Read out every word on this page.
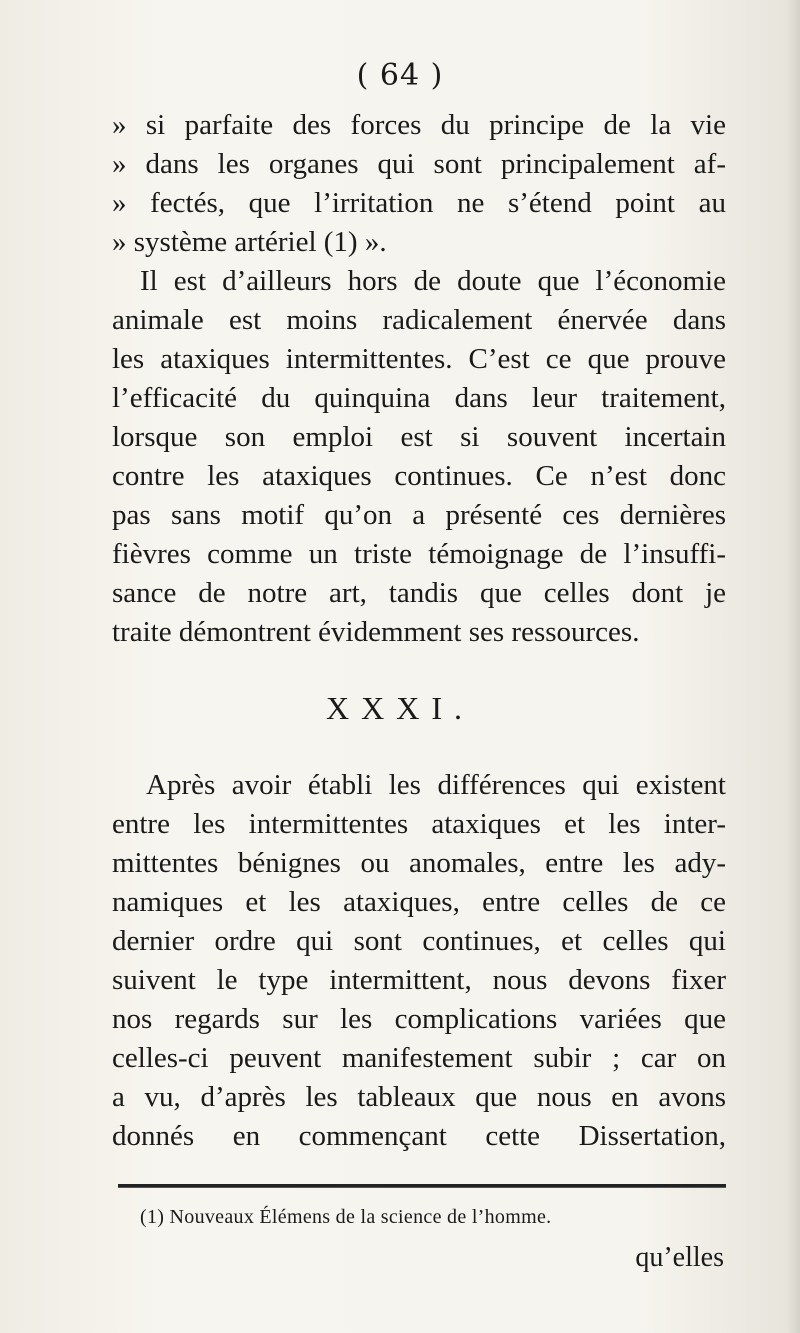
( 64 )
» si parfaite des forces du principe de la vie
» dans les organes qui sont principalement af-
» fectés, que l’irritation ne s’étend point au
» système artériel (1) ».
Il est d’ailleurs hors de doute que l’économie
animale est moins radicalement énervée dans
les ataxiques intermittentes. C’est ce que prouve
l’efficacité du quinquina dans leur traitement,
lorsque son emploi est si souvent incertain
contre les ataxiques continues. Ce n’est donc
pas sans motif qu’on a présenté ces dernières
fièvres comme un triste témoignage de l’insuffi-
sance de notre art, tandis que celles dont je
traite démontrent évidemment ses ressources.
XXXI.
Après avoir établi les différences qui existent
entre les intermittentes ataxiques et les inter-
mittentes bénignes ou anomales, entre les ady-
namiques et les ataxiques, entre celles de ce
dernier ordre qui sont continues, et celles qui
suivent le type intermittent, nous devons fixer
nos regards sur les complications variées que
celles-ci peuvent manifestement subir ; car on
a vu, d’après les tableaux que nous en avons
donnés en commençant cette Dissertation,
(1) Nouveaux Élémens de la science de l’homme.
qu’elles
